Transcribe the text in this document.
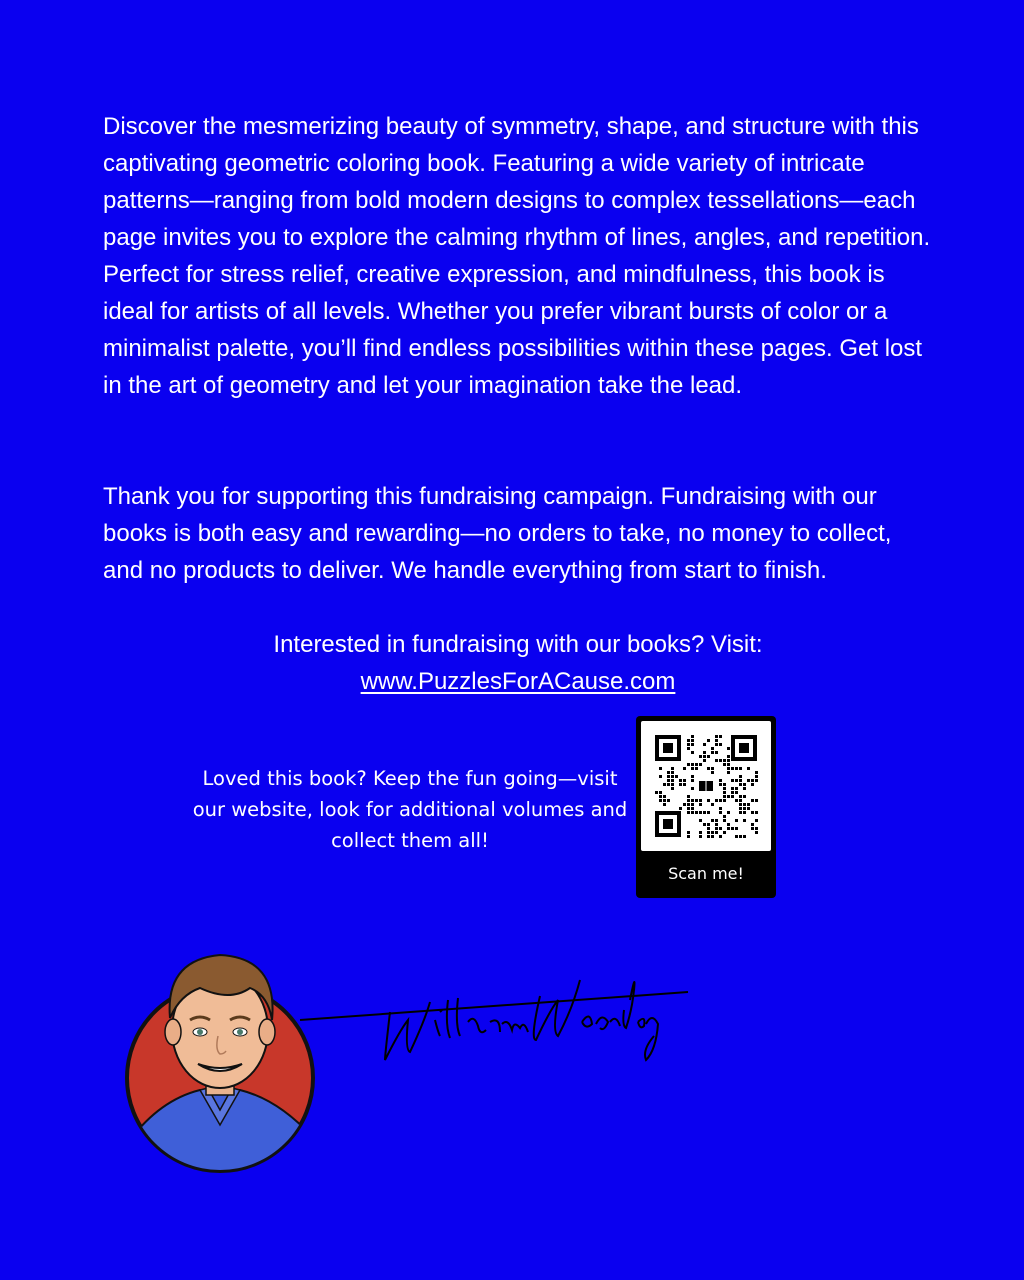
Discover the mesmerizing beauty of symmetry, shape, and structure with this captivating geometric coloring book. Featuring a wide variety of intricate patterns—ranging from bold modern designs to complex tessellations—each page invites you to explore the calming rhythm of lines, angles, and repetition. Perfect for stress relief, creative expression, and mindfulness, this book is ideal for artists of all levels. Whether you prefer vibrant bursts of color or a minimalist palette, you’ll find endless possibilities within these pages. Get lost in the art of geometry and let your imagination take the lead.

Thank you for supporting this fundraising campaign. Fundraising with our books is both easy and rewarding—no orders to take, no money to collect, and no products to deliver. We handle everything from start to finish.

Interested in fundraising with our books? Visit:
www.PuzzlesForACause.com
Loved this book? Keep the fun going—visit our website, look for additional volumes and collect them all!
Scan me!
